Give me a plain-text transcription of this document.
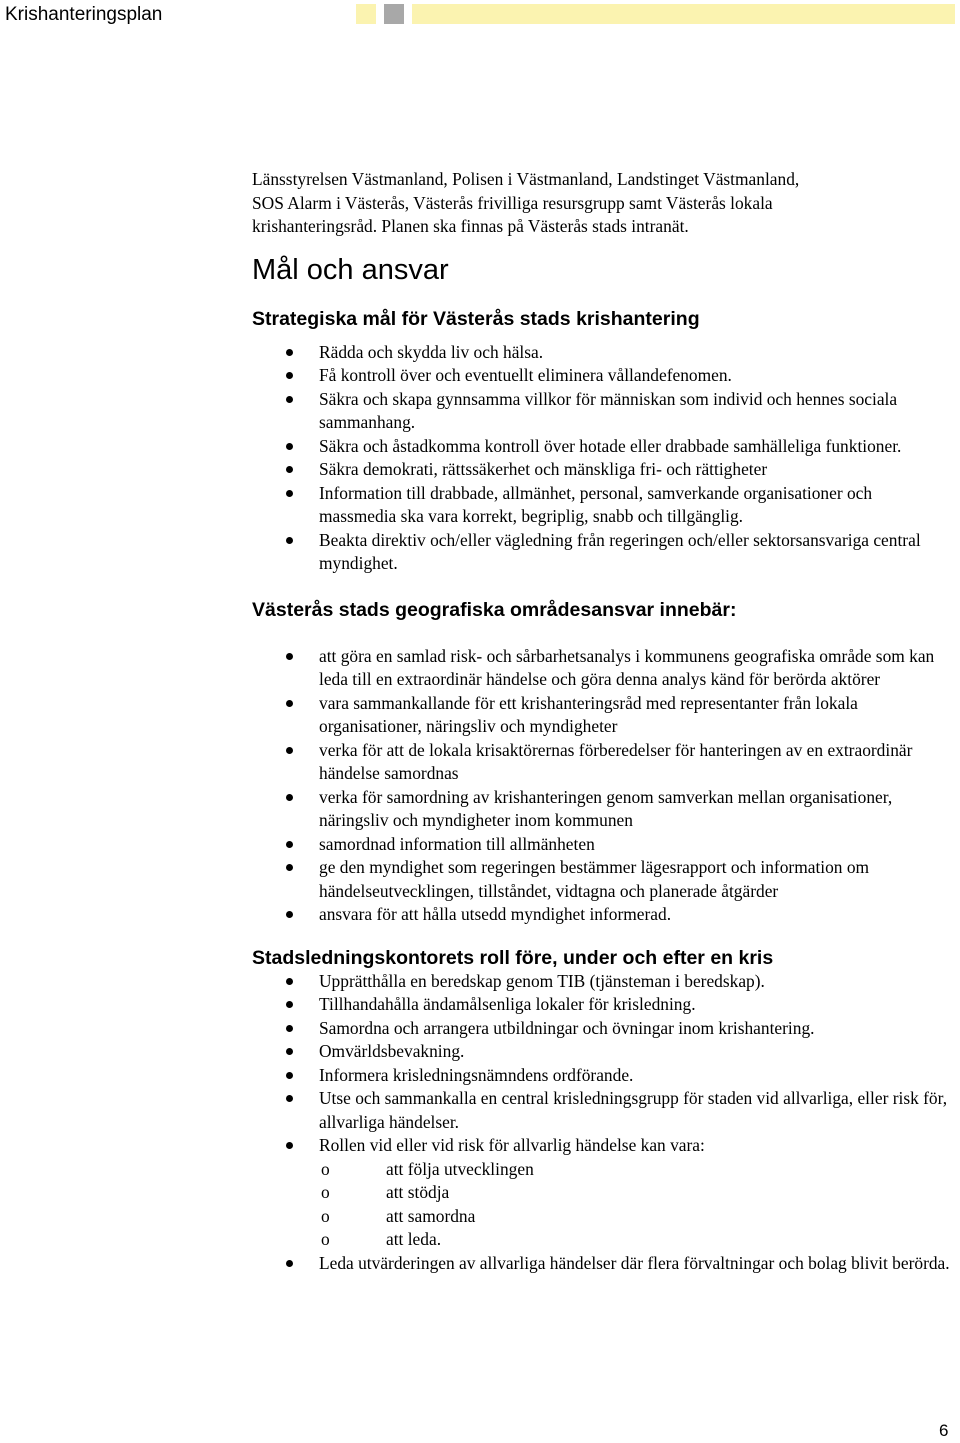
Krishanteringsplan

Länsstyrelsen Västmanland, Polisen i Västmanland, Landstinget Västmanland,

SOS Alarm i Västerås, Västerås frivilliga resursgrupp samt Västerås lokala

krishanteringsråd. Planen ska finnas på Västerås stads intranät.

Mål och ansvar
Strategiska mål för Västerås stads krishantering
Rädda och skydda liv och hälsa.
Få kontroll över och eventuellt eliminera vållandefenomen.
Säkra och skapa gynnsamma villkor för människan som individ och hennes sociala sammanhang.
Säkra och åstadkomma kontroll över hotade eller drabbade samhälleliga funktioner.
Säkra demokrati, rättssäkerhet och mänskliga fri- och rättigheter
Information till drabbade, allmänhet, personal, samverkande organisationer och massmedia ska vara korrekt, begriplig, snabb och tillgänglig.
Beakta direktiv och/eller vägledning från regeringen och/eller sektorsansvariga central myndighet.
Västerås stads geografiska områdesansvar innebär:
att göra en samlad risk- och sårbarhetsanalys i kommunens geografiska område som kan leda till en extraordinär händelse och göra denna analys känd för berörda aktörer
vara sammankallande för ett krishanteringsråd med representanter från lokala organisationer, näringsliv och myndigheter
verka för att de lokala krisaktörernas förberedelser för hanteringen av en extraordinär händelse samordnas
verka för samordning av krishanteringen genom samverkan mellan organisationer, näringsliv och myndigheter inom kommunen
samordnad information till allmänheten
ge den myndighet som regeringen bestämmer lägesrapport och information om händelseutvecklingen, tillståndet, vidtagna och planerade åtgärder
ansvara för att hålla utsedd myndighet informerad.
Stadsledningskontorets roll före, under och efter en kris
Upprätthålla en beredskap genom TIB (tjänsteman i beredskap).
Tillhandahålla ändamålsenliga lokaler för krisledning.
Samordna och arrangera utbildningar och övningar inom krishantering.
Omvärldsbevakning.
Informera krisledningsnämndens ordförande.
Utse och sammankalla en central krisledningsgrupp för staden vid allvarliga, eller risk för, allvarliga händelser.
Rollen vid eller vid risk för allvarlig händelse kan vara:
o	att följa utvecklingen
o	att stödja
o	att samordna
o	att leda.
Leda utvärderingen av allvarliga händelser där flera förvaltningar och bolag blivit berörda.
6
